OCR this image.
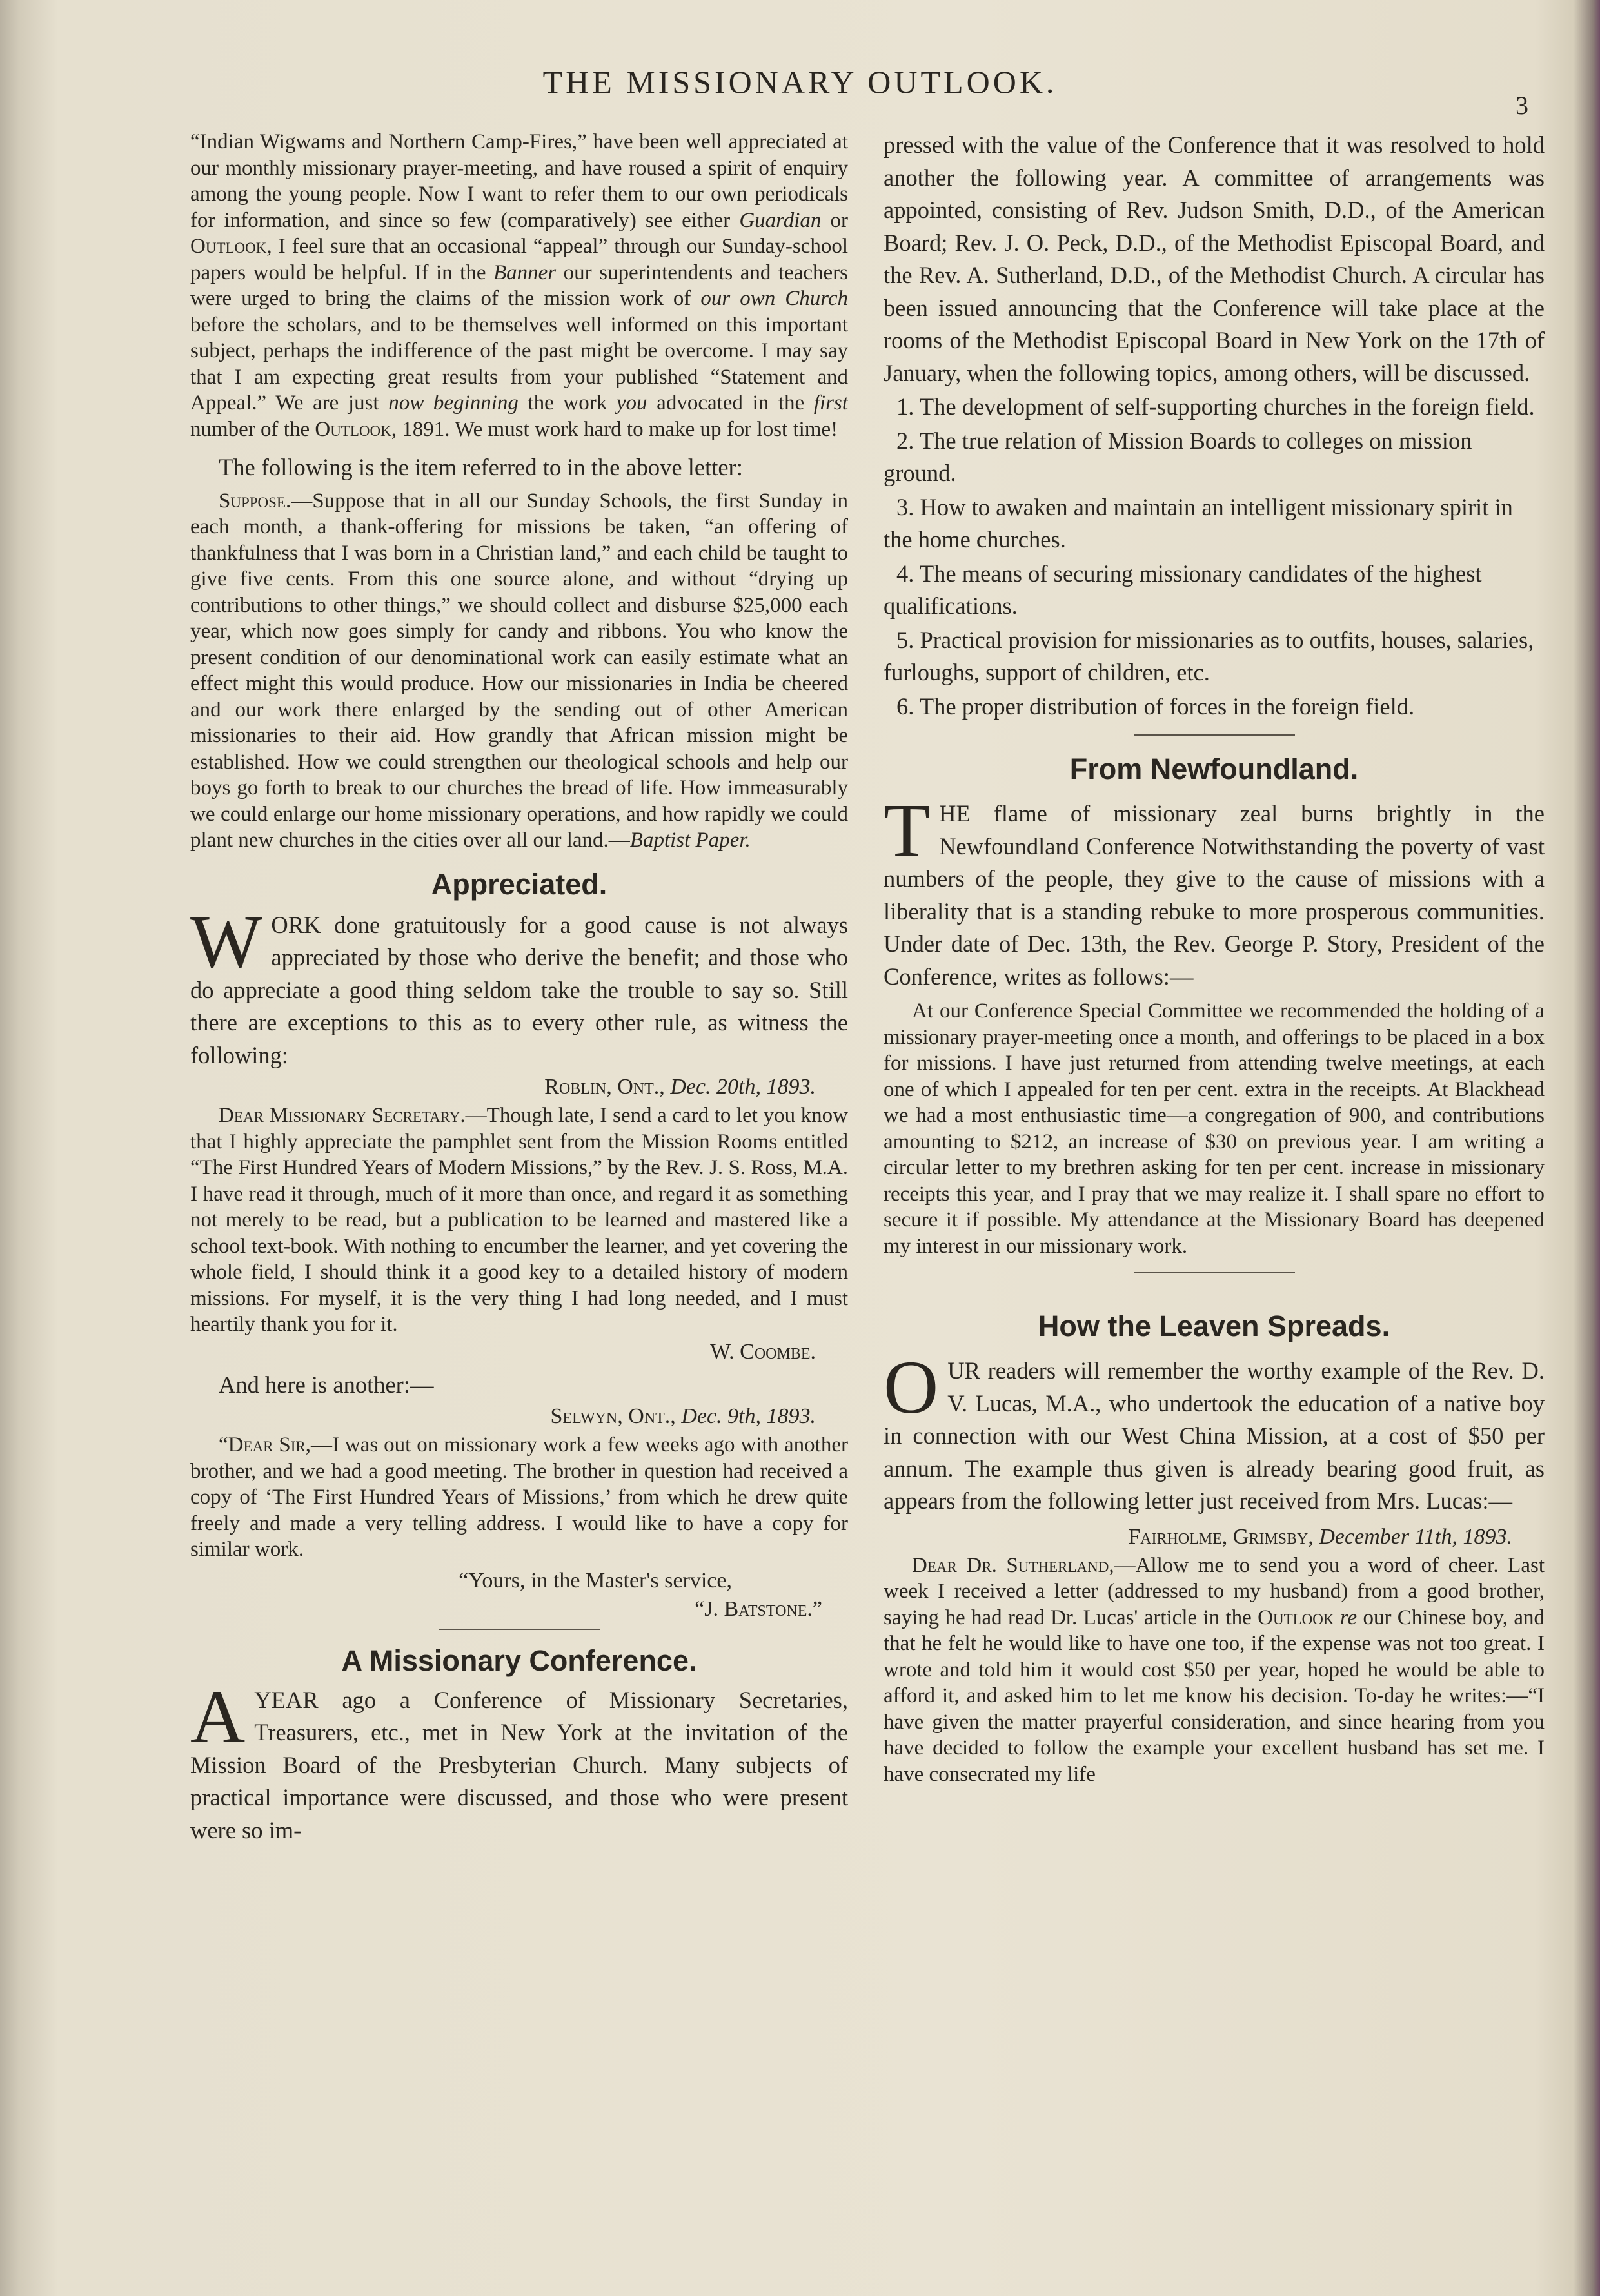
THE MISSIONARY OUTLOOK.
3

“Indian Wigwams and Northern Camp-Fires,” have been well appreciated at our monthly missionary prayer-meeting, and have roused a spirit of enquiry among the young people. Now I want to refer them to our own periodicals for information, and since so few (comparatively) see either Guardian or Outlook, I feel sure that an occasional “appeal” through our Sunday-school papers would be helpful. If in the Banner our superintendents and teachers were urged to bring the claims of the mission work of our own Church before the scholars, and to be themselves well informed on this important subject, perhaps the indifference of the past might be overcome. I may say that I am expecting great results from your published “Statement and Appeal.” We are just now beginning the work you advocated in the first number of the Outlook, 1891. We must work hard to make up for lost time!

The following is the item referred to in the above letter:

Suppose.—Suppose that in all our Sunday Schools, the first Sunday in each month, a thank-offering for missions be taken, “an offering of thankfulness that I was born in a Christian land,” and each child be taught to give five cents. From this one source alone, and without “drying up contributions to other things,” we should collect and disburse $25,000 each year, which now goes simply for candy and ribbons. You who know the present condition of our denominational work can easily estimate what an effect might this would produce. How our missionaries in India be cheered and our work there enlarged by the sending out of other American missionaries to their aid. How grandly that African mission might be established. How we could strengthen our theological schools and help our boys go forth to break to our churches the bread of life. How immeasurably we could enlarge our home missionary operations, and how rapidly we could plant new churches in the cities over all our land.—Baptist Paper.

Appreciated.

WORK done gratuitously for a good cause is not always appreciated by those who derive the benefit; and those who do appreciate a good thing seldom take the trouble to say so. Still there are exceptions to this as to every other rule, as witness the following:

Roblin, Ont., Dec. 20th, 1893.

Dear Missionary Secretary.—Though late, I send a card to let you know that I highly appreciate the pamphlet sent from the Mission Rooms entitled “The First Hundred Years of Modern Missions,” by the Rev. J. S. Ross, M.A. I have read it through, much of it more than once, and regard it as something not merely to be read, but a publication to be learned and mastered like a school text-book. With nothing to encumber the learner, and yet covering the whole field, I should think it a good key to a detailed history of modern missions. For myself, it is the very thing I had long needed, and I must heartily thank you for it.

W. Coombe.

And here is another:—

Selwyn, Ont., Dec. 9th, 1893.

“Dear Sir,—I was out on missionary work a few weeks ago with another brother, and we had a good meeting. The brother in question had received a copy of ‘The First Hundred Years of Missions,’ from which he drew quite freely and made a very telling address. I would like to have a copy for similar work.

“Yours, in the Master's service,
“J. Batstone.”
A Missionary Conference.

AYEAR ago a Conference of Missionary Secretaries, Treasurers, etc., met in New York at the invitation of the Mission Board of the Presbyterian Church. Many subjects of practical importance were discussed, and those who were present were so im-

pressed with the value of the Conference that it was resolved to hold another the following year. A committee of arrangements was appointed, consisting of Rev. Judson Smith, D.D., of the American Board; Rev. J. O. Peck, D.D., of the Methodist Episcopal Board, and the Rev. A. Sutherland, D.D., of the Methodist Church. A circular has been issued announcing that the Conference will take place at the rooms of the Methodist Episcopal Board in New York on the 17th of January, when the following topics, among others, will be discussed.

1. The development of self-supporting churches in the foreign field.

2. The true relation of Mission Boards to colleges on mission ground.

3. How to awaken and maintain an intelligent missionary spirit in the home churches.

4. The means of securing missionary candidates of the highest qualifications.

5. Practical provision for missionaries as to outfits, houses, salaries, furloughs, support of children, etc.

6. The proper distribution of forces in the foreign field.

From Newfoundland.

THE flame of missionary zeal burns brightly in the Newfoundland Conference Notwithstanding the poverty of vast numbers of the people, they give to the cause of missions with a liberality that is a standing rebuke to more prosperous communities. Under date of Dec. 13th, the Rev. George P. Story, President of the Conference, writes as follows:—

At our Conference Special Committee we recommended the holding of a missionary prayer-meeting once a month, and offerings to be placed in a box for missions. I have just returned from attending twelve meetings, at each one of which I appealed for ten per cent. extra in the receipts. At Blackhead we had a most enthusiastic time—a congregation of 900, and contributions amounting to $212, an increase of $30 on previous year. I am writing a circular letter to my brethren asking for ten per cent. increase in missionary receipts this year, and I pray that we may realize it. I shall spare no effort to secure it if possible. My attendance at the Missionary Board has deepened my interest in our missionary work.

How the Leaven Spreads.

OUR readers will remember the worthy example of the Rev. D. V. Lucas, M.A., who undertook the education of a native boy in connection with our West China Mission, at a cost of $50 per annum. The example thus given is already bearing good fruit, as appears from the following letter just received from Mrs. Lucas:—

Fairholme, Grimsby, December 11th, 1893.

Dear Dr. Sutherland,—Allow me to send you a word of cheer. Last week I received a letter (addressed to my husband) from a good brother, saying he had read Dr. Lucas' article in the Outlook re our Chinese boy, and that he felt he would like to have one too, if the expense was not too great. I wrote and told him it would cost $50 per year, hoped he would be able to afford it, and asked him to let me know his decision. To-day he writes:—“I have given the matter prayerful consideration, and since hearing from you have decided to follow the example your excellent husband has set me. I have consecrated my life
